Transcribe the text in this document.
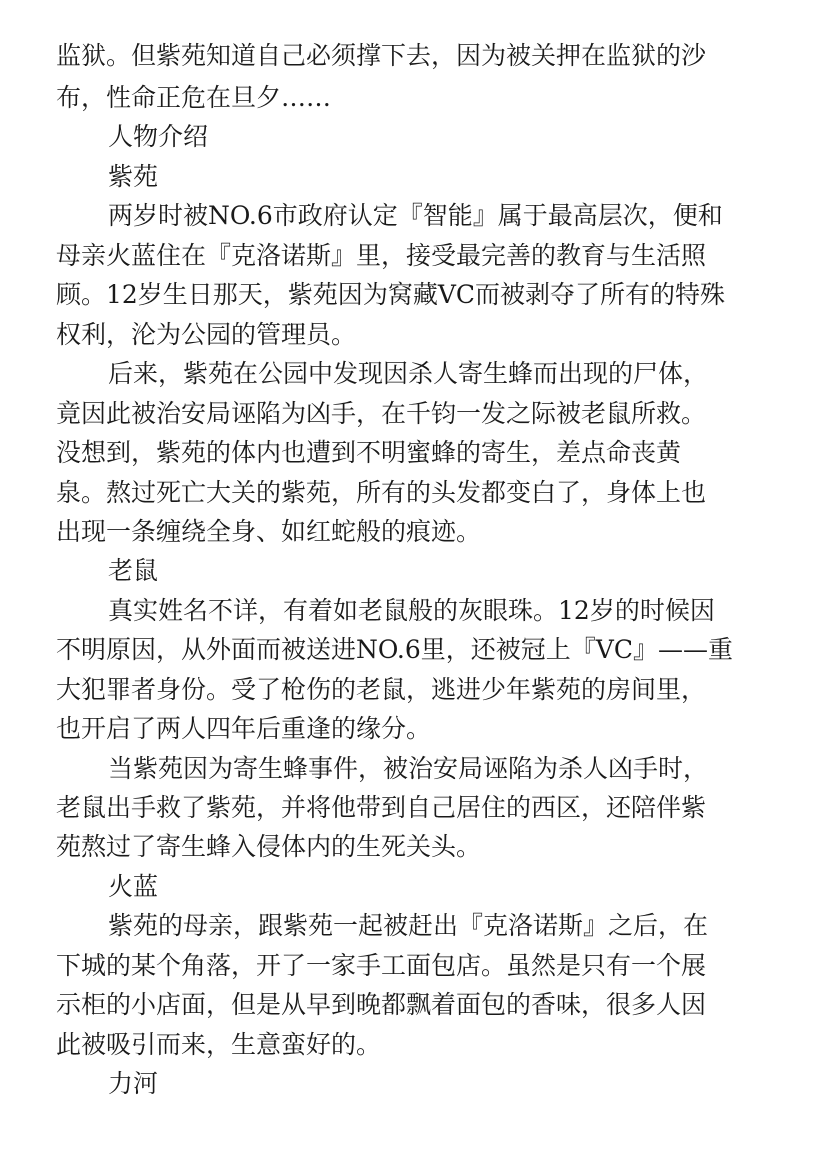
监狱。但紫苑知道自己必须撑下去，因为被关押在监狱的沙
布，性命正危在旦夕……
人物介绍
紫苑
两岁时被NO.6市政府认定『智能』属于最高层次，便和
母亲火蓝住在『克洛诺斯』里，接受最完善的教育与生活照
顾。12岁生日那天，紫苑因为窝藏VC而被剥夺了所有的特殊
权利，沦为公园的管理员。
后来，紫苑在公园中发现因杀人寄生蜂而出现的尸体，
竟因此被治安局诬陷为凶手，在千钧一发之际被老鼠所救。
没想到，紫苑的体内也遭到不明蜜蜂的寄生，差点命丧黄
泉。熬过死亡大关的紫苑，所有的头发都变白了，身体上也
出现一条缠绕全身、如红蛇般的痕迹。
老鼠
真实姓名不详，有着如老鼠般的灰眼珠。12岁的时候因
不明原因，从外面而被送进NO.6里，还被冠上『VC』——重
大犯罪者身份。受了枪伤的老鼠，逃进少年紫苑的房间里，
也开启了两人四年后重逢的缘分。
当紫苑因为寄生蜂事件，被治安局诬陷为杀人凶手时，
老鼠出手救了紫苑，并将他带到自己居住的西区，还陪伴紫
苑熬过了寄生蜂入侵体内的生死关头。
火蓝
紫苑的母亲，跟紫苑一起被赶出『克洛诺斯』之后，在
下城的某个角落，开了一家手工面包店。虽然是只有一个展
示柜的小店面，但是从早到晚都飘着面包的香味，很多人因
此被吸引而来，生意蛮好的。
力河
